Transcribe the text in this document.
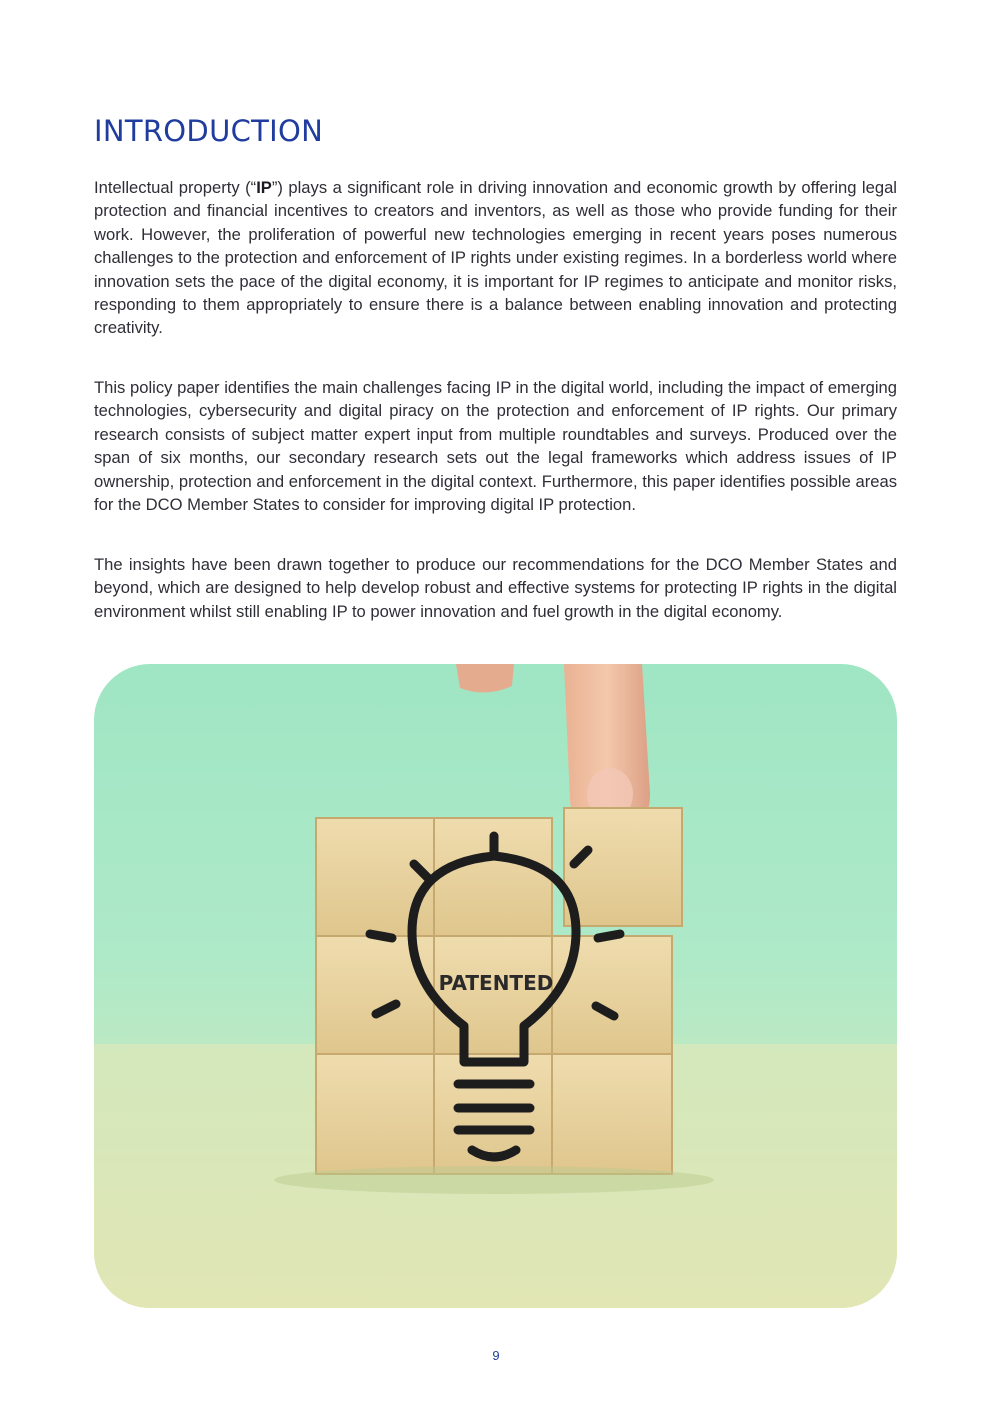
INTRODUCTION

Intellectual property (“IP”) plays a significant role in driving innovation and economic growth by offering legal protection and financial incentives to creators and inventors, as well as those who provide funding for their work. However, the proliferation of powerful new technologies emerging in recent years poses numerous challenges to the protection and enforcement of IP rights under existing regimes. In a borderless world where innovation sets the pace of the digital economy, it is important for IP regimes to anticipate and monitor risks, responding to them appropriately to ensure there is a balance between enabling innovation and protecting creativity.

This policy paper identifies the main challenges facing IP in the digital world, including the impact of emerging technologies, cybersecurity and digital piracy on the protection and enforcement of IP rights. Our primary research consists of subject matter expert input from multiple roundtables and surveys. Produced over the span of six months, our secondary research sets out the legal frameworks which address issues of IP ownership, protection and enforcement in the digital context. Furthermore, this paper identifies possible areas for the DCO Member States to consider for improving digital IP protection.

The insights have been drawn together to produce our recommendations for the DCO Member States and beyond, which are designed to help develop robust and effective systems for protecting IP rights in the digital environment whilst still enabling IP to power innovation and fuel growth in the digital economy.

PATENTED
9
